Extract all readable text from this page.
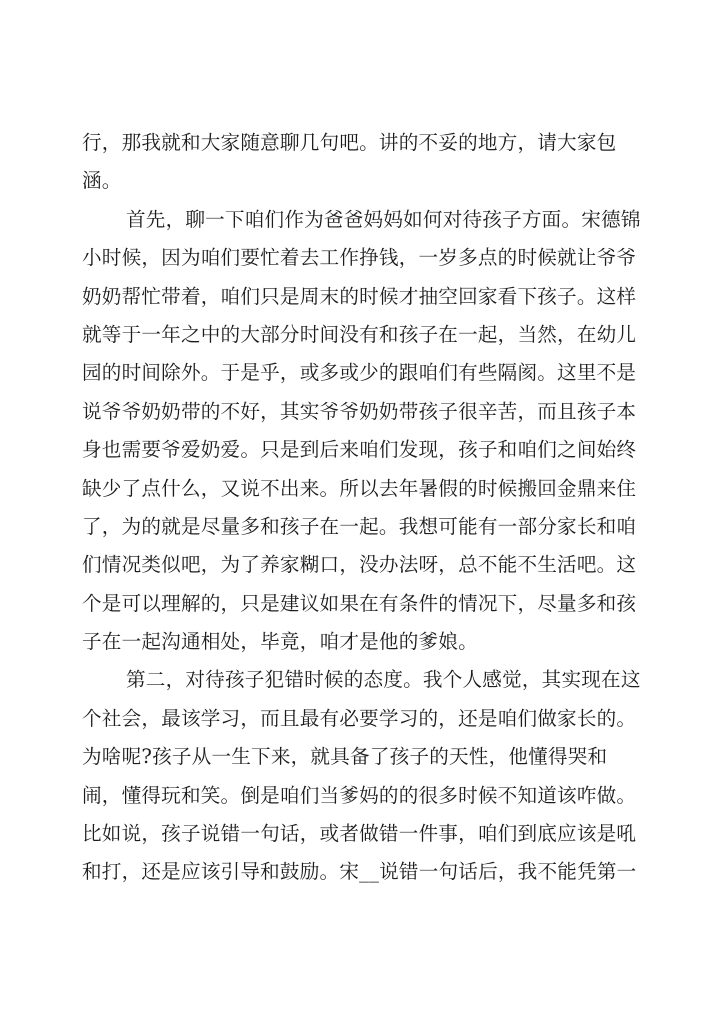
行，那我就和大家随意聊几句吧。讲的不妥的地方，请大家包
涵。
首先，聊一下咱们作为爸爸妈妈如何对待孩子方面。宋德锦
小时候，因为咱们要忙着去工作挣钱，一岁多点的时候就让爷爷
奶奶帮忙带着，咱们只是周末的时候才抽空回家看下孩子。这样
就等于一年之中的大部分时间没有和孩子在一起，当然，在幼儿
园的时间除外。于是乎，或多或少的跟咱们有些隔阂。这里不是
说爷爷奶奶带的不好，其实爷爷奶奶带孩子很辛苦，而且孩子本
身也需要爷爱奶爱。只是到后来咱们发现，孩子和咱们之间始终
缺少了点什么，又说不出来。所以去年暑假的时候搬回金鼎来住
了，为的就是尽量多和孩子在一起。我想可能有一部分家长和咱
们情况类似吧，为了养家糊口，没办法呀，总不能不生活吧。这
个是可以理解的，只是建议如果在有条件的情况下，尽量多和孩
子在一起沟通相处，毕竟，咱才是他的爹娘。
第二，对待孩子犯错时候的态度。我个人感觉，其实现在这
个社会，最该学习，而且最有必要学习的，还是咱们做家长的。
为啥呢?孩子从一生下来，就具备了孩子的天性，他懂得哭和
闹，懂得玩和笑。倒是咱们当爹妈的的很多时候不知道该咋做。
比如说，孩子说错一句话，或者做错一件事，咱们到底应该是吼
和打，还是应该引导和鼓励。宋__说错一句话后，我不能凭第一
